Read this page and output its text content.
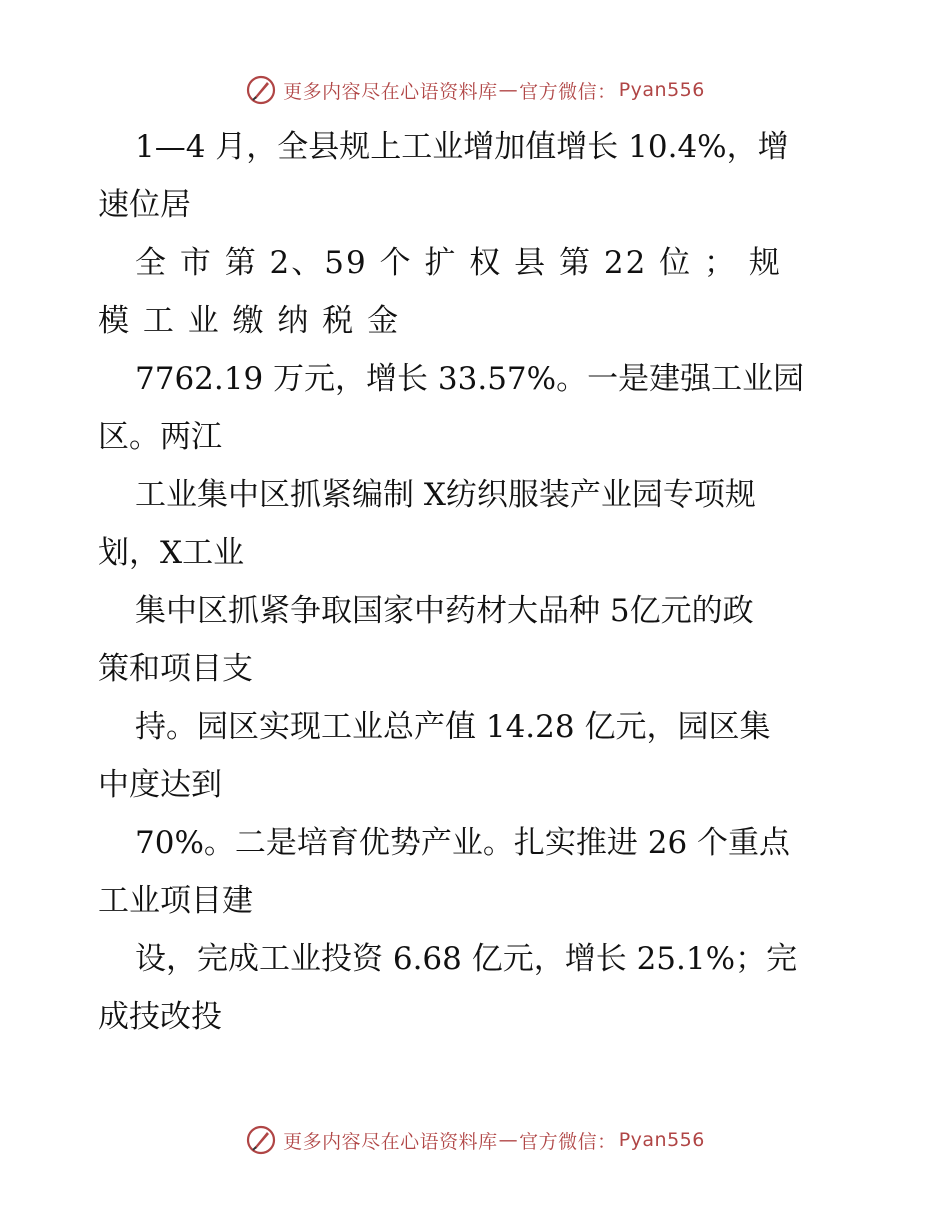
更多内容尽在心语资料库 — 官方微信： Pyan556
1—4 月，全县规上工业增加值增长 10.4%，增
速位居
全 市 第 2、59 个 扩 权 县 第 22 位 ； 规
模 工 业 缴 纳 税 金
7762.19 万元，增长 33.57%。一是建强工业园
区。两江
工业集中区抓紧编制 X纺织服装产业园专项规
划，X工业
集中区抓紧争取国家中药材大品种 5亿元的政
策和项目支
持。园区实现工业总产值 14.28 亿元，园区集
中度达到
70%。二是培育优势产业。扎实推进 26 个重点
工业项目建
设，完成工业投资 6.68 亿元，增长 25.1%；完
成技改投
更多内容尽在心语资料库 — 官方微信： Pyan556
